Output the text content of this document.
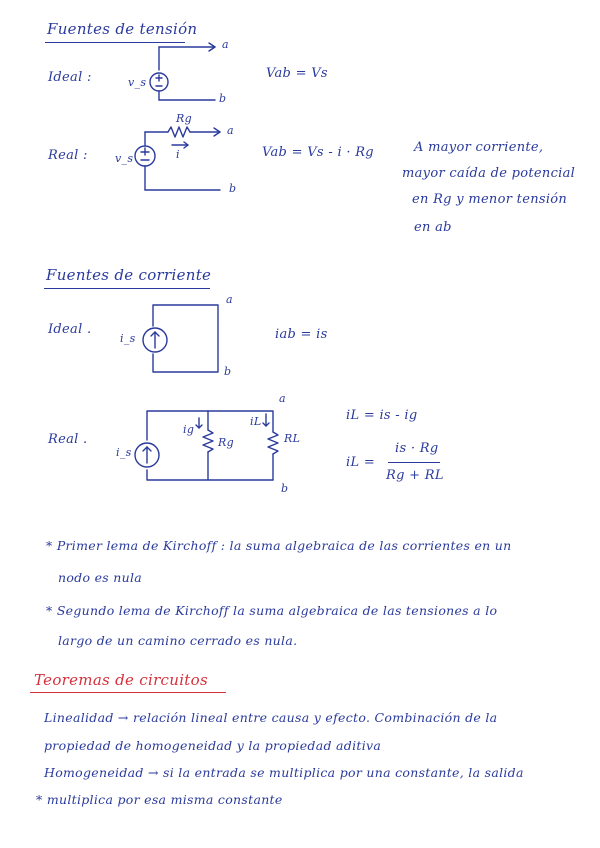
Fuentes de tensión
Ideal :	v_s
a
b
Vab = Vs
Real : v_s
Rg
i
a
b
Vab = Vs - i · Rg	A mayor corriente,
mayor caída de potencial
en Rg y menor tensión
en ab
Fuentes de corriente
Ideal .
i_s
a
b
iab = is
Real .
i_s
ig
iL
Rg	RL
a
b
iL = is - ig
iL =
is · Rg
Rg + RL
* Primer lema de Kirchoff : la suma algebraica de las corrientes en un
nodo es nula
* Segundo lema de Kirchoff la suma algebraica de las tensiones a lo
largo de un camino cerrado es nula.
Teoremas de circuitos
Linealidad → relación lineal entre causa y efecto. Combinación de la
propiedad de homogeneidad y la propiedad aditiva
Homogeneidad → si la entrada se multiplica por una constante, la salida
* multiplica por esa misma constante
